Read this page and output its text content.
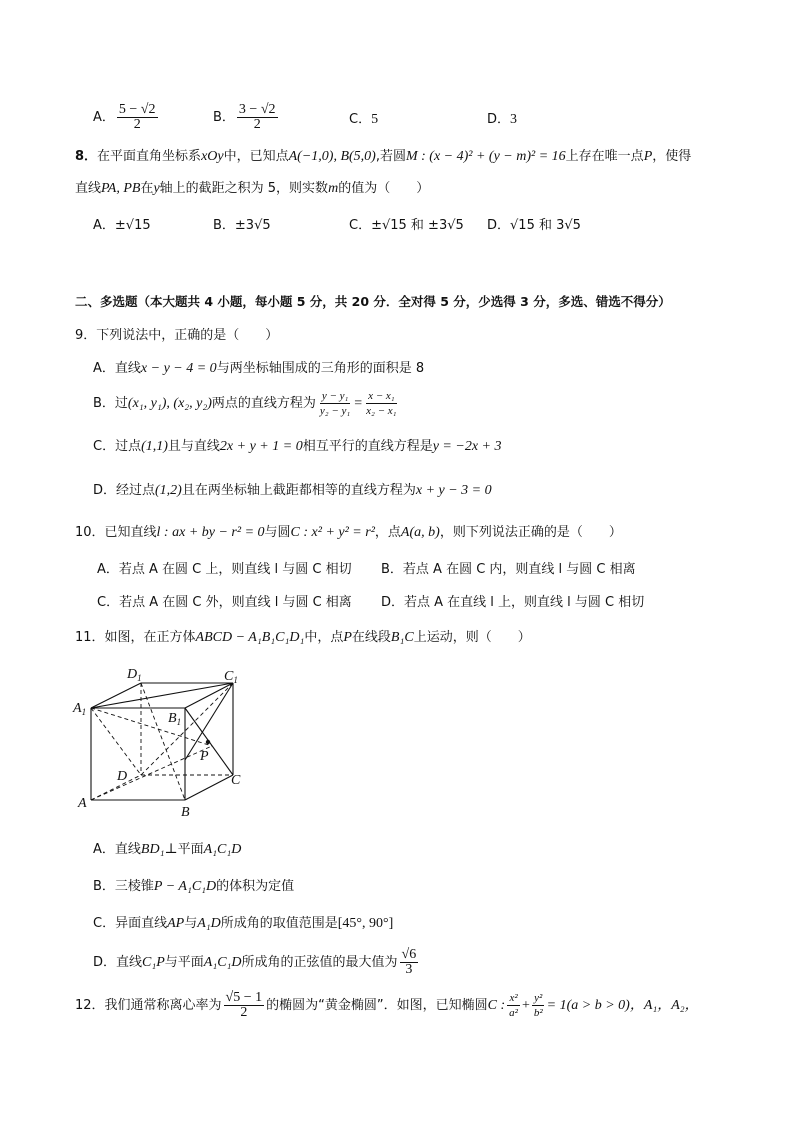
A． $\frac{5 - √2}{2}$	B． $\frac{3 - √2}{2}$	C．5	D．3
8．在平面直角坐标系xOy中，已知点A(−1,0), B(5,0),若圆M : (x − 4)² + (y − m)² = 16上存在唯一点P，使得
直线PA, PB在y轴上的截距之积为 5，则实数m的值为（　　）
A．±√15	B．±3√5	C．±√15 和 ±3√5 D．√15 和 3√5
二、多选题（本大题共 4 小题，每小题 5 分，共 20 分．全对得 5 分，少选得 3 分，多选、错选不得分）
9．下列说法中，正确的是（　　）
A．直线x − y − 4 = 0与两坐标轴围成的三角形的面积是 8
B．过(x₁, y₁), (x₂, y₂)两点的直线方程为 $\frac{\text{y − y₁}}{\text{y₂ − y₁}} = \frac{\text{x − x₁}}{\text{x₂ − x₁}}$
C．过点(1,1)且与直线2x + y + 1 = 0相互平行的直线方程是y = −2x + 3
D．经过点(1,2)且在两坐标轴上截距都相等的直线方程为x + y − 3 = 0
10．已知直线l : ax + by − r² = 0与圆C : x² + y² = r²，点A(a, b)，则下列说法正确的是（　　）
A．若点 A 在圆 C 上，则直线 l 与圆 C 相切 B．若点 A 在圆 C 内，则直线 l 与圆 C 相离
C．若点 A 在圆 C 外，则直线 l 与圆 C 相离 D．若点 A 在直线 l 上，则直线 l 与圆 C 相切
11．如图，在正方体ABCD − A₁B₁C₁D₁中，点P在线段B₁C上运动，则（　　）
$D_1$	$C_1$
$A_1$	$B_1$
P
D	C
A
B
A．直线BD₁⊥平面A₁C₁D
B．三棱锥P − A₁C₁D的体积为定值
C．异面直线AP与A₁D所成角的取值范围是[45°, 90°]
D．直线C₁P与平面A₁C₁D所成角的正弦值的最大值为 $\frac{√6}{3}$
12．我们通常称离心率为 $\frac{√5 - 1}{2}$ 的椭圆为“黄金椭圆”．如图，已知椭圆C : $\frac{\text{x²}}{\text{a²}} + \frac{\text{y²}}{\text{b²}} = 1(a > b > 0)$，A₁，A₂，
